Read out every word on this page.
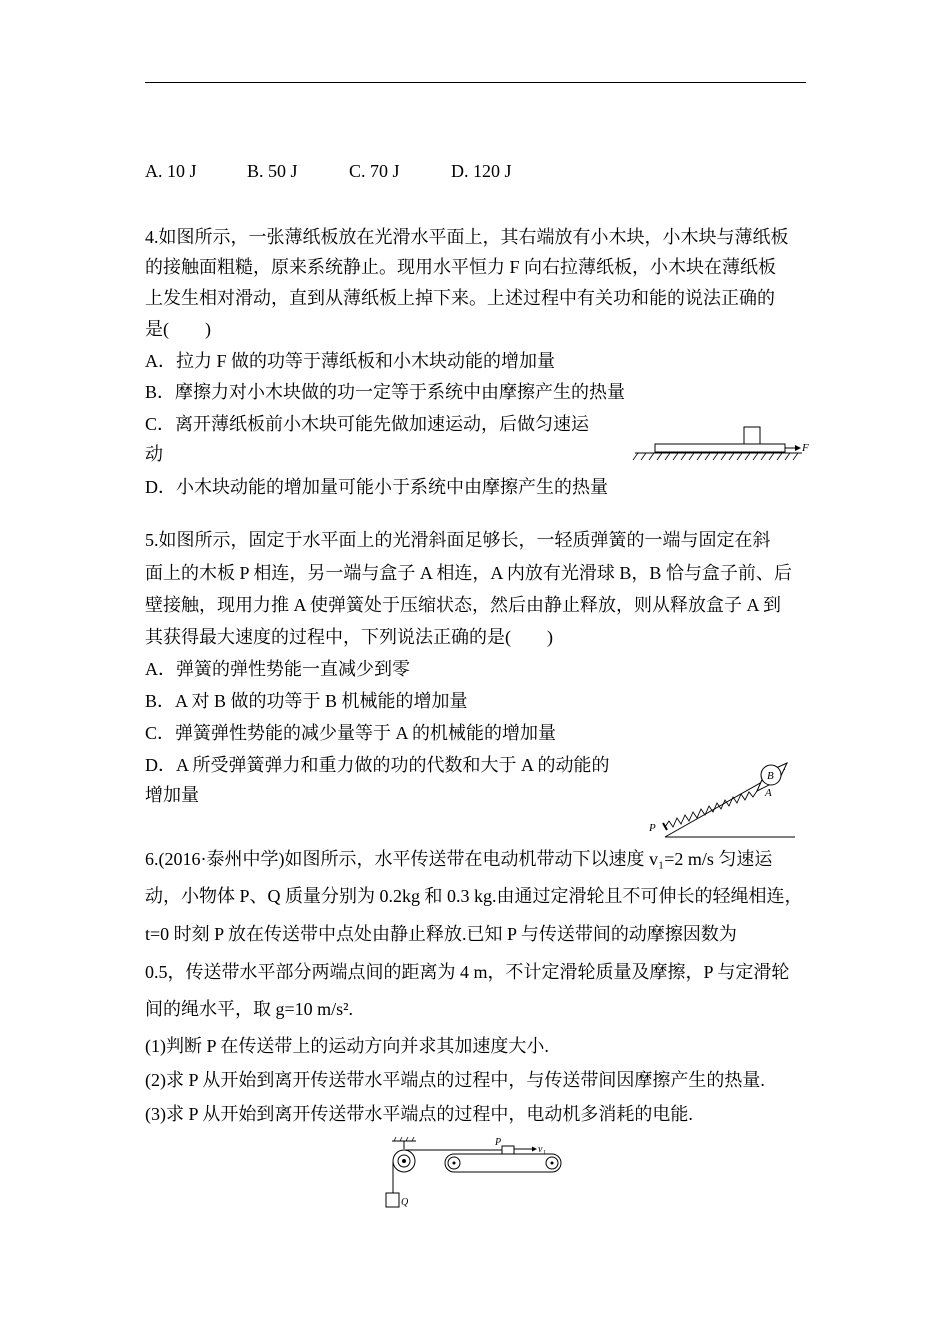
A. 10 J	B. 50 J	C. 70 J	D. 120 J
4.如图所示，一张薄纸板放在光滑水平面上，其右端放有小木块，小木块与薄纸板
的接触面粗糙，原来系统静止。现用水平恒力 F 向右拉薄纸板，小木块在薄纸板
上发生相对滑动，直到从薄纸板上掉下来。上述过程中有关功和能的说法正确的
是(　　)
A．拉力 F 做的功等于薄纸板和小木块动能的增加量
B．摩擦力对小木块做的功一定等于系统中由摩擦产生的热量
C．离开薄纸板前小木块可能先做加速运动，后做匀速运
动
D．小木块动能的增加量可能小于系统中由摩擦产生的热量
F
5.如图所示，固定于水平面上的光滑斜面足够长，一轻质弹簧的一端与固定在斜
面上的木板 P 相连，另一端与盒子 A 相连，A 内放有光滑球 B，B 恰与盒子前、后
壁接触，现用力推 A 使弹簧处于压缩状态，然后由静止释放，则从释放盒子 A 到
其获得最大速度的过程中，下列说法正确的是(　　)
A．弹簧的弹性势能一直减少到零
B．A 对 B 做的功等于 B 机械能的增加量
C．弹簧弹性势能的减少量等于 A 的机械能的增加量
D．A 所受弹簧弹力和重力做的功的代数和大于 A 的动能的
增加量
B
A
P
6.(2016·泰州中学)如图所示，水平传送带在电动机带动下以速度 v₁=2 m/s 匀速运
动，小物体 P、Q 质量分别为 0.2kg 和 0.3 kg.由通过定滑轮且不可伸长的轻绳相连，
t=0 时刻 P 放在传送带中点处由静止释放.已知 P 与传送带间的动摩擦因数为
0.5，传送带水平部分两端点间的距离为 4 m，不计定滑轮质量及摩擦，P 与定滑轮
间的绳水平，取 g=10 m/s².
(1)判断 P 在传送带上的运动方向并求其加速度大小.
(2)求 P 从开始到离开传送带水平端点的过程中，与传送带间因摩擦产生的热量.
(3)求 P 从开始到离开传送带水平端点的过程中，电动机多消耗的电能.
Q
P
v₁
